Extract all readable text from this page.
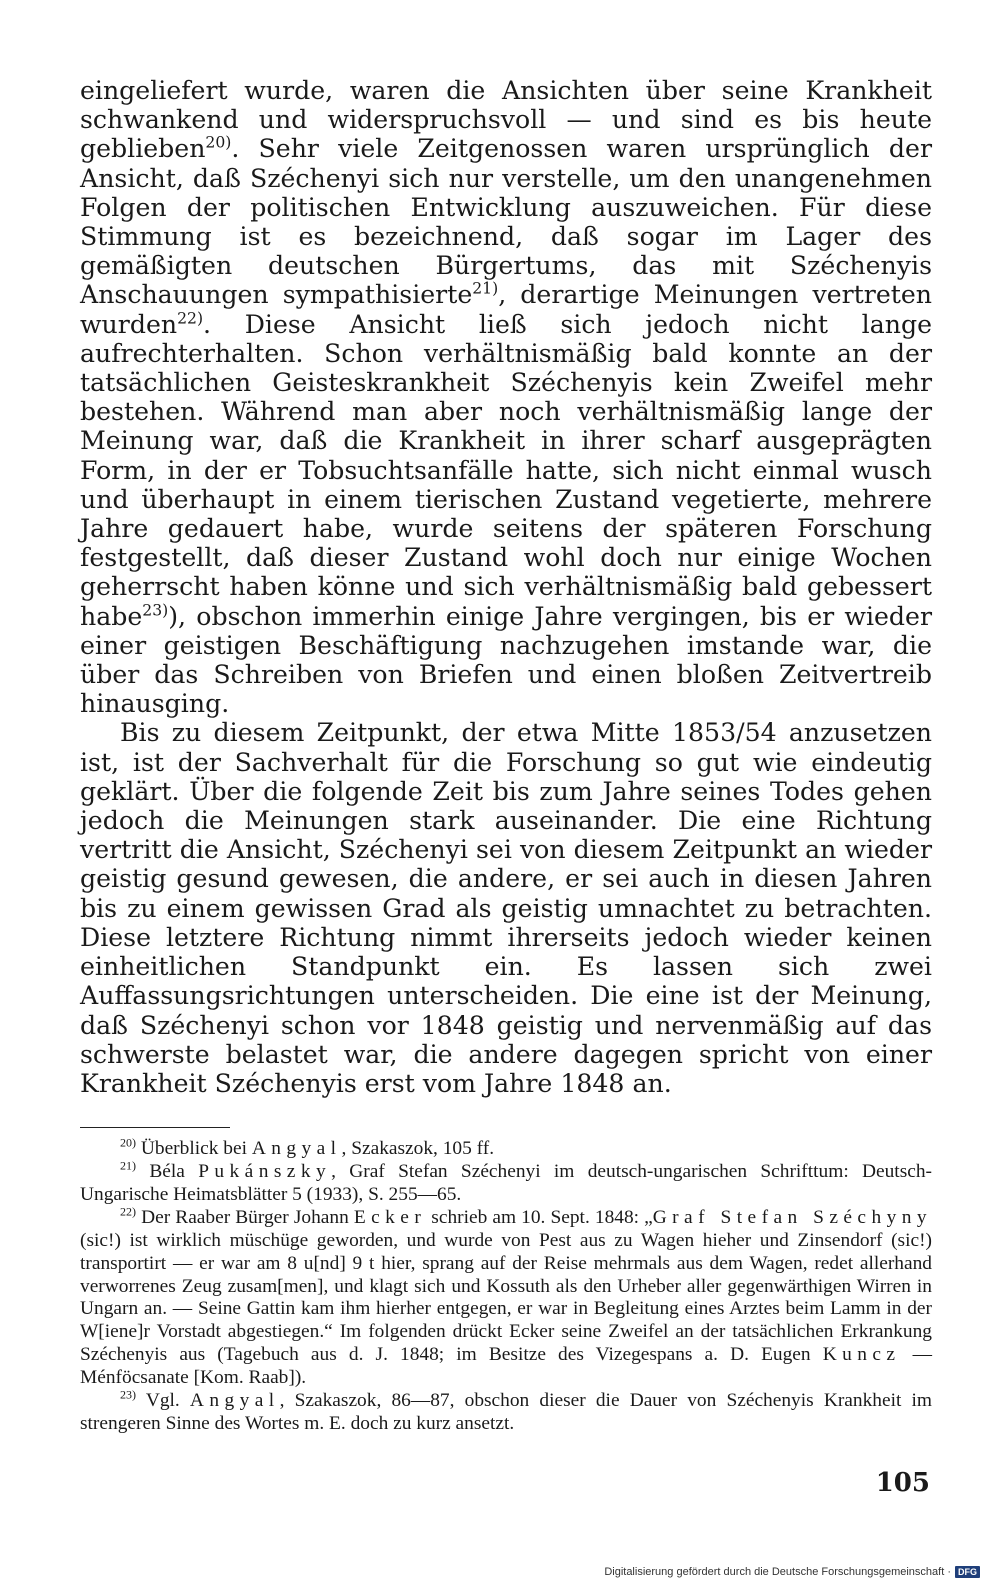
eingeliefert wurde, waren die Ansichten über seine Krankheit schwankend und widerspruchsvoll — und sind es bis heute geblieben$^{20)}$. Sehr viele Zeitgenossen waren ursprünglich der Ansicht, daß Széchenyi sich nur verstelle, um den unangenehmen Folgen der politischen Entwicklung auszuweichen. Für diese Stimmung ist es bezeichnend, daß sogar im Lager des gemäßigten deutschen Bürgertums, das mit Széchenyis Anschauungen sympathisierte$^{21)}$, derartige Meinungen vertreten wurden$^{22)}$. Diese Ansicht ließ sich jedoch nicht lange aufrechterhalten. Schon verhältnismäßig bald konnte an der tatsächlichen Geisteskrankheit Széchenyis kein Zweifel mehr bestehen. Während man aber noch verhältnismäßig lange der Meinung war, daß die Krankheit in ihrer scharf ausgeprägten Form, in der er Tobsuchtsanfälle hatte, sich nicht einmal wusch und überhaupt in einem tierischen Zustand vegetierte, mehrere Jahre gedauert habe, wurde seitens der späteren Forschung festgestellt, daß dieser Zustand wohl doch nur einige Wochen geherrscht haben könne und sich verhältnismäßig bald gebessert habe$^{23)}$), obschon immerhin einige Jahre vergingen, bis er wieder einer geistigen Beschäftigung nachzugehen imstande war, die über das Schreiben von Briefen und einen bloßen Zeitvertreib hinausging.

Bis zu diesem Zeitpunkt, der etwa Mitte 1853/54 anzusetzen ist, ist der Sachverhalt für die Forschung so gut wie eindeutig geklärt. Über die folgende Zeit bis zum Jahre seines Todes gehen jedoch die Meinungen stark auseinander. Die eine Richtung vertritt die Ansicht, Széchenyi sei von diesem Zeitpunkt an wieder geistig gesund gewesen, die andere, er sei auch in diesen Jahren bis zu einem gewissen Grad als geistig umnachtet zu betrachten. Diese letztere Richtung nimmt ihrerseits jedoch wieder keinen einheitlichen Standpunkt ein. Es lassen sich zwei Auffassungsrichtungen unterscheiden. Die eine ist der Meinung, daß Széchenyi schon vor 1848 geistig und nervenmäßig auf das schwerste belastet war, die andere dagegen spricht von einer Krankheit Széchenyis erst vom Jahre 1848 an.

$^{20)}$ Überblick bei Angyal, Szakaszok, 105 ff.

$^{21)}$ Béla Pukánszky, Graf Stefan Széchenyi im deutsch-ungarischen Schrifttum: Deutsch-Ungarische Heimatsblätter 5 (1933), S. 255—65.

$^{22)}$ Der Raaber Bürger Johann Ecker schrieb am 10. Sept. 1848: „Graf Stefan Széchyny (sic!) ist wirklich müschüge geworden, und wurde von Pest aus zu Wagen hieher und Zinsendorf (sic!) transportirt — er war am 8 u[nd] 9 t hier, sprang auf der Reise mehrmals aus dem Wagen, redet allerhand verworrenes Zeug zusam[men], und klagt sich und Kossuth als den Urheber aller gegenwärthigen Wirren in Ungarn an. — Seine Gattin kam ihm hierher entgegen, er war in Begleitung eines Arztes beim Lamm in der W[iene]r Vorstadt abgestiegen.“ Im folgenden drückt Ecker seine Zweifel an der tatsächlichen Erkrankung Széchenyis aus (Tagebuch aus d. J. 1848; im Besitze des Vizegespans a. D. Eugen Kuncz — Ménföcsanate [Kom. Raab]).

$^{23)}$ Vgl. Angyal, Szakaszok, 86—87, obschon dieser die Dauer von Széchenyis Krankheit im strengeren Sinne des Wortes m. E. doch zu kurz ansetzt.

105
Digitalisierung gefördert durch die Deutsche Forschungsgemeinschaft · DFG
